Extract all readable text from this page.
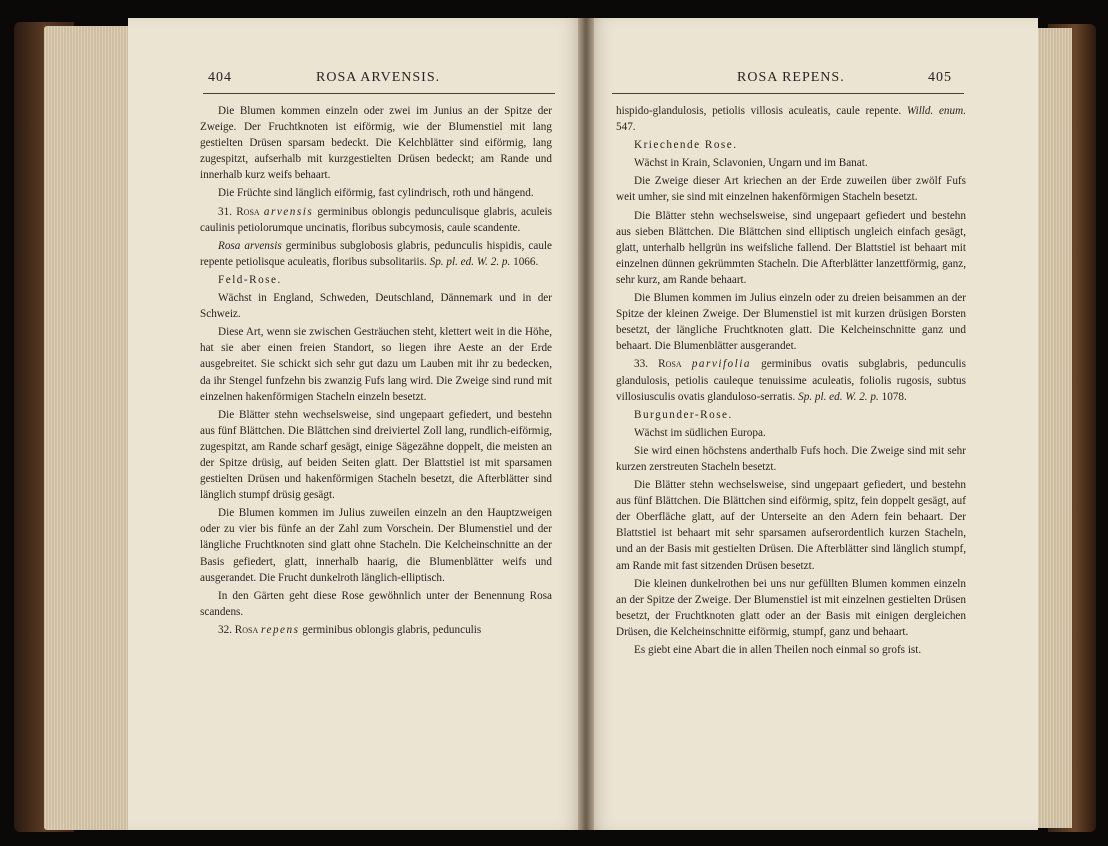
404	ROSA ARVENSIS.	ROSA REPENS.	405

Die Blumen kommen einzeln oder zwei im Junius an der Spitze der Zweige. Der Fruchtknoten ist eiförmig, wie der Blumenstiel mit lang gestielten Drüsen sparsam bedeckt. Die Kelchblätter sind eiförmig, lang zugespitzt, aufserhalb mit kurzgestielten Drüsen bedeckt; am Rande und innerhalb kurz weifs behaart.

Die Früchte sind länglich eiförmig, fast cylindrisch, roth und hängend.

31. Rosa arvensis germinibus oblongis pedunculisque glabris, aculeis caulinis petiolorumque uncinatis, floribus subcymosis, caule scandente.

Rosa arvensis germinibus subglobosis glabris, pedunculis hispidis, caule repente petiolisque aculeatis, floribus subsolitariis. Sp. pl. ed. W. 2. p. 1066.

Feld-Rose.

Wächst in England, Schweden, Deutschland, Dännemark und in der Schweiz.

Diese Art, wenn sie zwischen Gesträuchen steht, klettert weit in die Höhe, hat sie aber einen freien Standort, so liegen ihre Aeste an der Erde ausgebreitet. Sie schickt sich sehr gut dazu um Lauben mit ihr zu bedecken, da ihr Stengel funfzehn bis zwanzig Fufs lang wird. Die Zweige sind rund mit einzelnen hakenförmigen Stacheln einzeln besetzt.

Die Blätter stehn wechselsweise, sind ungepaart gefiedert, und bestehn aus fünf Blättchen. Die Blättchen sind dreiviertel Zoll lang, rundlich-eiförmig, zugespitzt, am Rande scharf gesägt, einige Sägezähne doppelt, die meisten an der Spitze drüsig, auf beiden Seiten glatt. Der Blattstiel ist mit sparsamen gestielten Drüsen und hakenförmigen Stacheln besetzt, die Afterblätter sind länglich stumpf drüsig gesägt.

Die Blumen kommen im Julius zuweilen einzeln an den Hauptzweigen oder zu vier bis fünfe an der Zahl zum Vorschein. Der Blumenstiel und der längliche Fruchtknoten sind glatt ohne Stacheln. Die Kelcheinschnitte an der Basis gefiedert, glatt, innerhalb haarig, die Blumenblätter weifs und ausgerandet. Die Frucht dunkelroth länglich-elliptisch.

In den Gärten geht diese Rose gewöhnlich unter der Benennung Rosa scandens.

32. Rosa repens germinibus oblongis glabris, pedunculis

hispido-glandulosis, petiolis villosis aculeatis, caule repente. Willd. enum. 547.

Kriechende Rose.

Wächst in Krain, Sclavonien, Ungarn und im Banat.

Die Zweige dieser Art kriechen an der Erde zuweilen über zwölf Fufs weit umher, sie sind mit einzelnen hakenförmigen Stacheln besetzt.

Die Blätter stehn wechselsweise, sind ungepaart gefiedert und bestehn aus sieben Blättchen. Die Blättchen sind elliptisch ungleich einfach gesägt, glatt, unterhalb hellgrün ins weifsliche fallend. Der Blattstiel ist behaart mit einzelnen dünnen gekrümmten Stacheln. Die Afterblätter lanzettförmig, ganz, sehr kurz, am Rande behaart.

Die Blumen kommen im Julius einzeln oder zu dreien beisammen an der Spitze der kleinen Zweige. Der Blumenstiel ist mit kurzen drüsigen Borsten besetzt, der längliche Fruchtknoten glatt. Die Kelcheinschnitte ganz und behaart. Die Blumenblätter ausgerandet.

33. Rosa parvifolia germinibus ovatis subglabris, pedunculis glandulosis, petiolis cauleque tenuissime aculeatis, foliolis rugosis, subtus villosiusculis ovatis glanduloso-serratis. Sp. pl. ed. W. 2. p. 1078.

Burgunder-Rose.

Wächst im südlichen Europa.

Sie wird einen höchstens anderthalb Fufs hoch. Die Zweige sind mit sehr kurzen zerstreuten Stacheln besetzt.

Die Blätter stehn wechselsweise, sind ungepaart gefiedert, und bestehn aus fünf Blättchen. Die Blättchen sind eiförmig, spitz, fein doppelt gesägt, auf der Oberfläche glatt, auf der Unterseite an den Adern fein behaart. Der Blattstiel ist behaart mit sehr sparsamen aufserordentlich kurzen Stacheln, und an der Basis mit gestielten Drüsen. Die Afterblätter sind länglich stumpf, am Rande mit fast sitzenden Drüsen besetzt.

Die kleinen dunkelrothen bei uns nur gefüllten Blumen kommen einzeln an der Spitze der Zweige. Der Blumenstiel ist mit einzelnen gestielten Drüsen besetzt, der Fruchtknoten glatt oder an der Basis mit einigen dergleichen Drüsen, die Kelcheinschnitte eiförmig, stumpf, ganz und behaart.

Es giebt eine Abart die in allen Theilen noch einmal so grofs ist.
